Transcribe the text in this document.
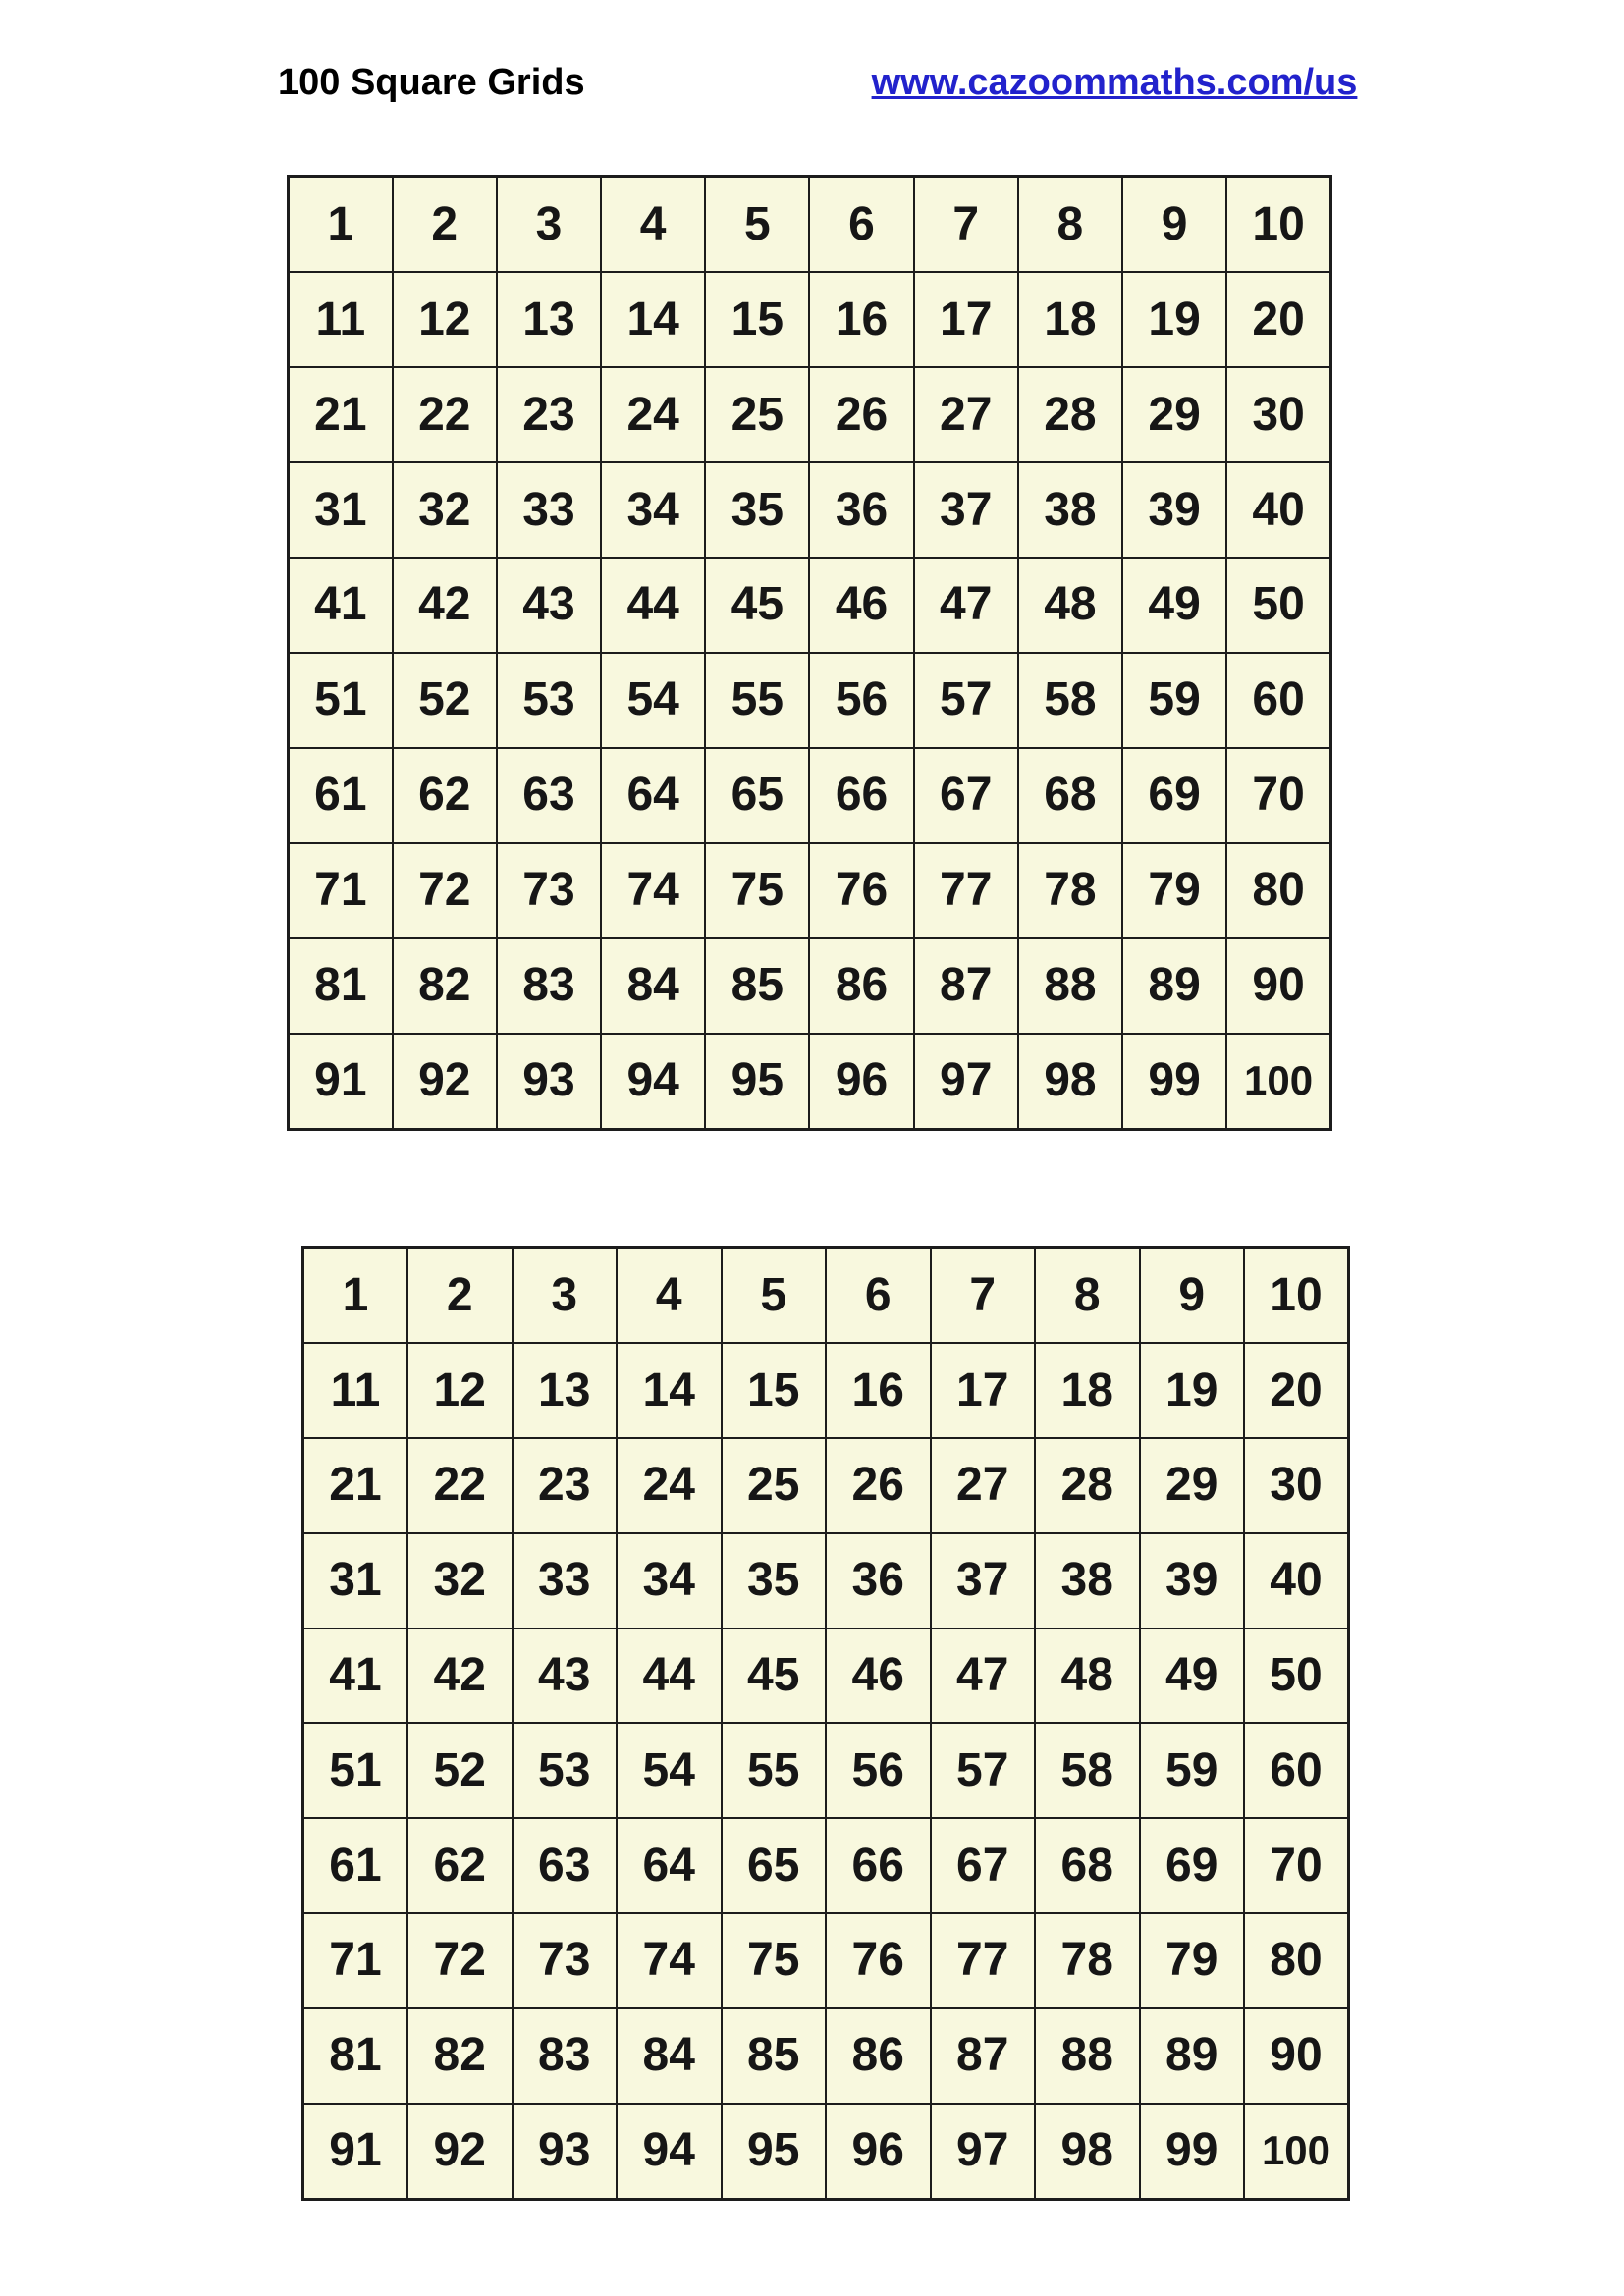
100 Square Grids	www.cazoommaths.com/us
1	2	3	4	5	6	7	8	9	10
11	12	13	14	15	16	17	18	19	20
21	22	23	24	25	26	27	28	29	30
31	32	33	34	35	36	37	38	39	40
41	42	43	44	45	46	47	48	49	50
51	52	53	54	55	56	57	58	59	60
61	62	63	64	65	66	67	68	69	70
71	72	73	74	75	76	77	78	79	80
81	82	83	84	85	86	87	88	89	90
91	92	93	94	95	96	97	98	99	100
1	2	3	4	5	6	7	8	9	10
11	12	13	14	15	16	17	18	19	20
21	22	23	24	25	26	27	28	29	30
31	32	33	34	35	36	37	38	39	40
41	42	43	44	45	46	47	48	49	50
51	52	53	54	55	56	57	58	59	60
61	62	63	64	65	66	67	68	69	70
71	72	73	74	75	76	77	78	79	80
81	82	83	84	85	86	87	88	89	90
91	92	93	94	95	96	97	98	99	100
